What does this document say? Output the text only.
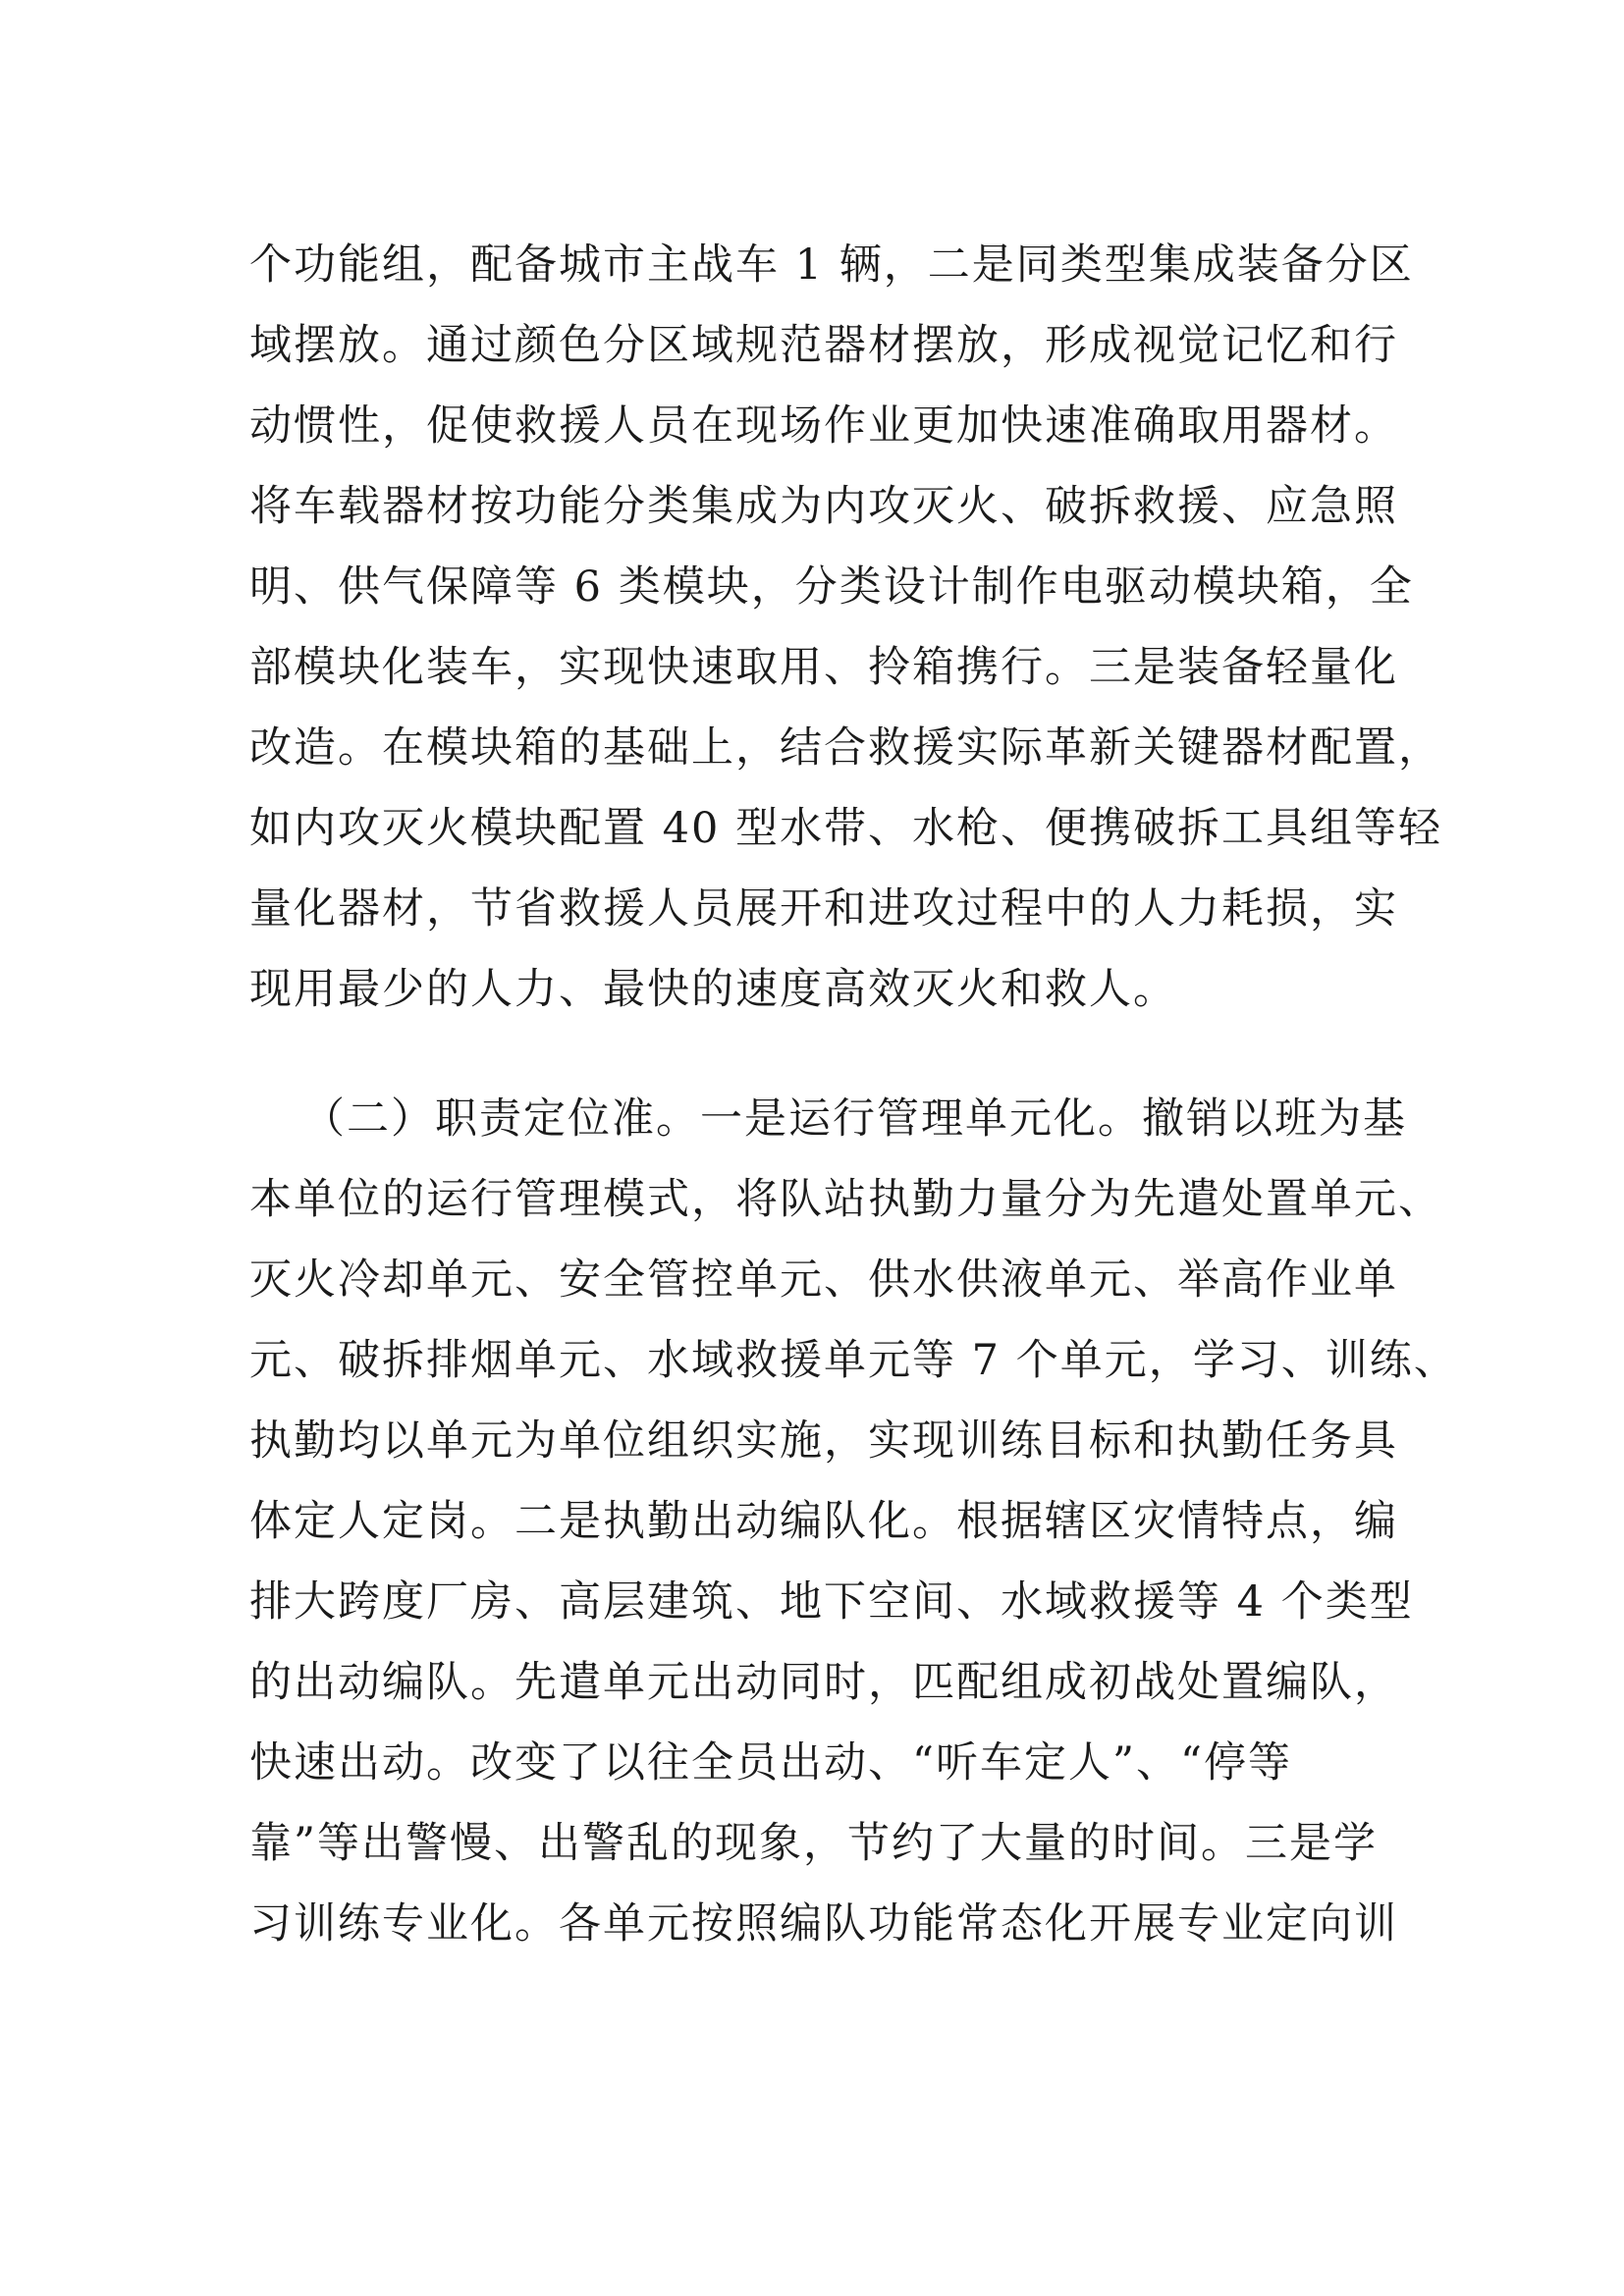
个功能组，配备城市主战车 1 辆，二是同类型集成装备分区
域摆放。通过颜色分区域规范器材摆放，形成视觉记忆和行
动惯性，促使救援人员在现场作业更加快速准确取用器材。
将车载器材按功能分类集成为内攻灭火、破拆救援、应急照
明、供气保障等 6 类模块，分类设计制作电驱动模块箱，全
部模块化装车，实现快速取用、拎箱携行。三是装备轻量化
改造。在模块箱的基础上，结合救援实际革新关键器材配置，
如内攻灭火模块配置 40 型水带、水枪、便携破拆工具组等轻
量化器材，节省救援人员展开和进攻过程中的人力耗损，实
现用最少的人力、最快的速度高效灭火和救人。
（二）职责定位准。一是运行管理单元化。撤销以班为基
本单位的运行管理模式，将队站执勤力量分为先遣处置单元、
灭火冷却单元、安全管控单元、供水供液单元、举高作业单
元、破拆排烟单元、水域救援单元等 7 个单元，学习、训练、
执勤均以单元为单位组织实施，实现训练目标和执勤任务具
体定人定岗。二是执勤出动编队化。根据辖区灾情特点，编
排大跨度厂房、高层建筑、地下空间、水域救援等 4 个类型
的出动编队。先遣单元出动同时，匹配组成初战处置编队，
快速出动。改变了以往全员出动、“听车定人”、“停等
靠”等出警慢、出警乱的现象，节约了大量的时间。三是学
习训练专业化。各单元按照编队功能常态化开展专业定向训
